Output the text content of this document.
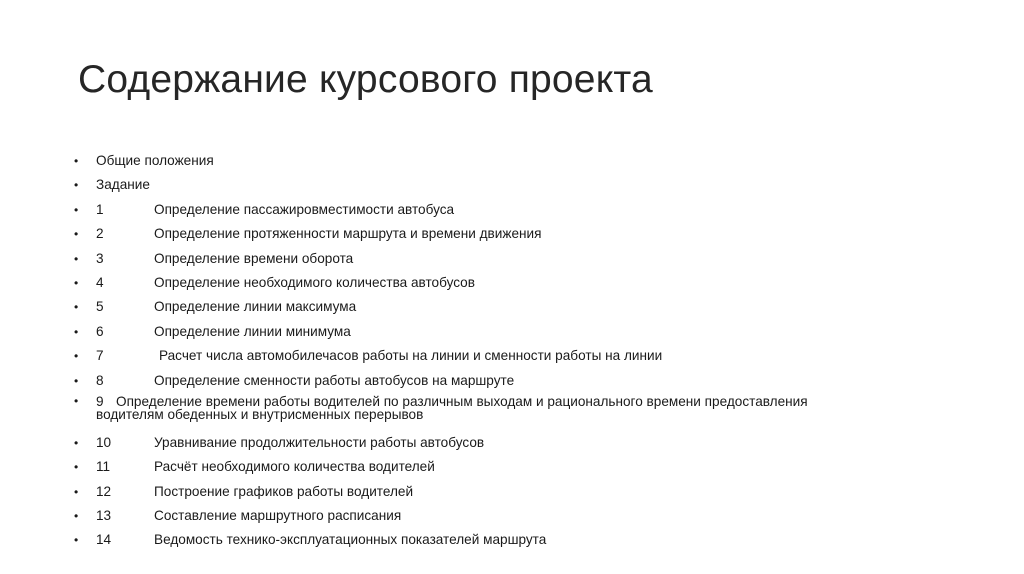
Содержание курсового проекта
• Общие положения
• Задание
• 1	Определение пассажировместимости автобуса
• 2	Определение протяженности маршрута и времени движения
• 3	Определение времени оборота
• 4	Определение необходимого количества автобусов
• 5	Определение линии максимума
• 6	Определение линии минимума
• 7	Расчет числа автомобилечасов работы на линии и сменности работы на линии
• 8	Определение сменности работы автобусов на маршруте
• 9 Определение времени работы водителей по различным выходам и рационального времени предоставления
водителям обеденных и внутрисменных перерывов
• 10	Уравнивание продолжительности работы автобусов
• 11	Расчёт необходимого количества водителей
• 12	Построение графиков работы водителей
• 13	Составление маршрутного расписания
• 14	Ведомость технико-эксплуатационных показателей маршрута
